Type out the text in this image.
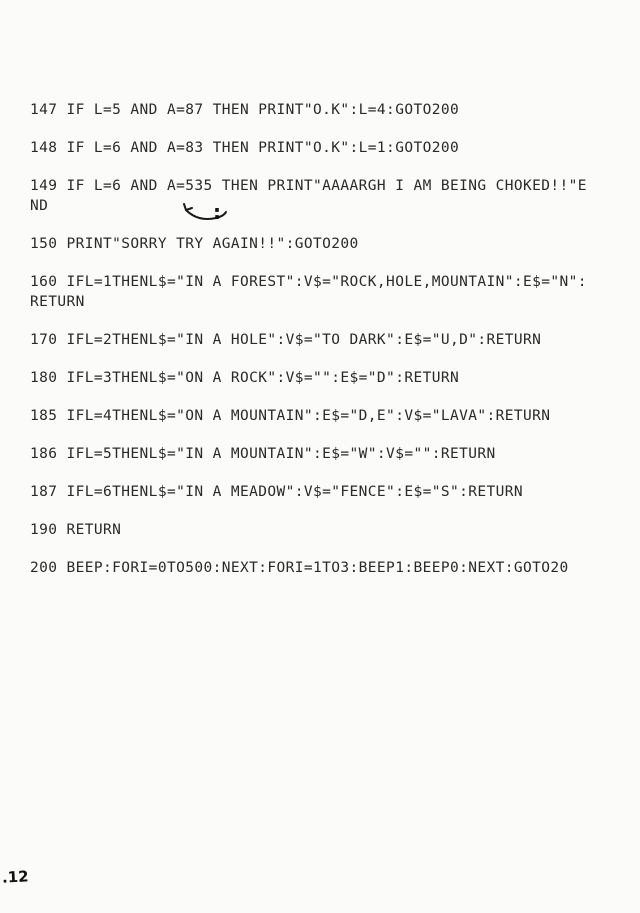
147 IF L=5 AND A=87 THEN PRINT"O.K":L=4:GOTO200
148 IF L=6 AND A=83 THEN PRINT"O.K":L=1:GOTO200
149 IF L=6 AND A=535 THEN PRINT"AAAARGH I AM BEING CHOKED!!"END
150 PRINT"SORRY TRY AGAIN!!":GOTO200
160 IFL=1THENL$="IN A FOREST":V$="ROCK,HOLE,MOUNTAIN":E$="N":RETURN
170 IFL=2THENL$="IN A HOLE":V$="TO DARK":E$="U,D":RETURN
180 IFL=3THENL$="ON A ROCK":V$="":E$="D":RETURN
185 IFL=4THENL$="ON A MOUNTAIN":E$="D,E":V$="LAVA":RETURN
186 IFL=5THENL$="IN A MOUNTAIN":E$="W":V$="":RETURN
187 IFL=6THENL$="IN A MEADOW":V$="FENCE":E$="S":RETURN
190 RETURN
200 BEEP:FORI=0TO500:NEXT:FORI=1TO3:BEEP1:BEEP0:NEXT:GOTO20
:
.12
